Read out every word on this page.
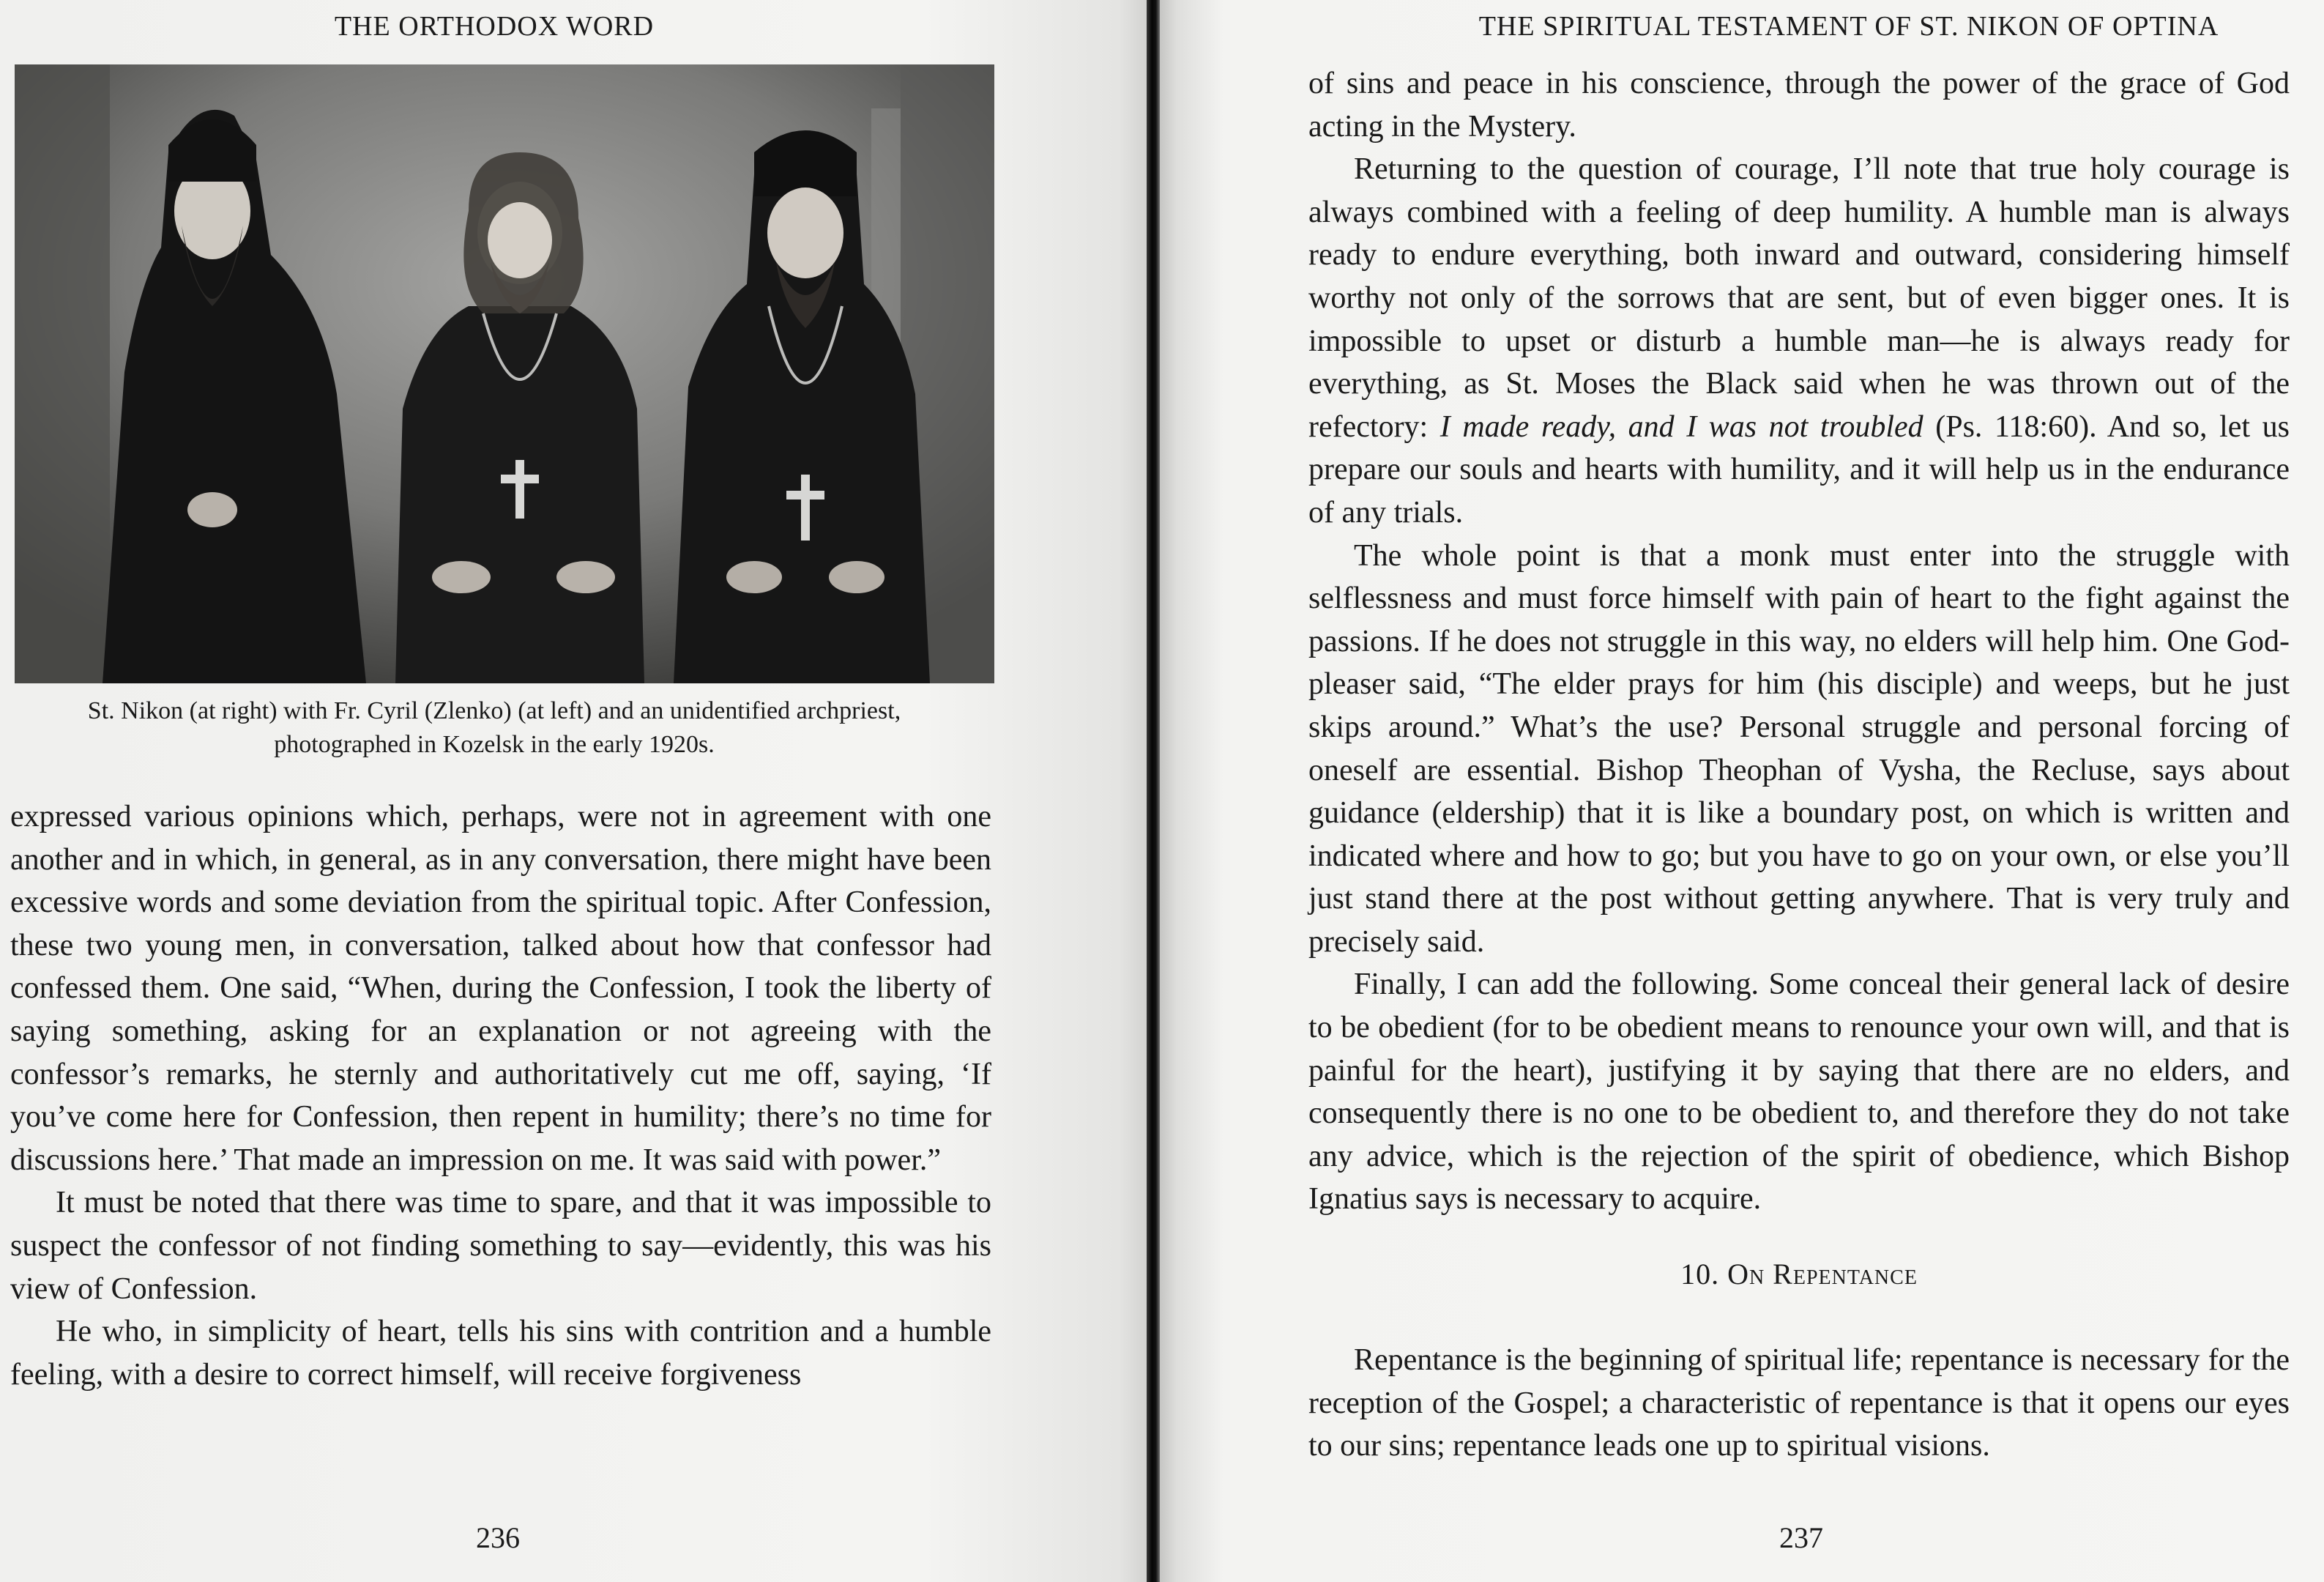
THE ORTHODOX WORD
St. Nikon (at right) with Fr. Cyril (Zlenko) (at left) and an unidentified archpriest,
photographed in Kozelsk in the early 1920s.

expressed various opinions which, perhaps, were not in agreement with one another and in which, in general, as in any conversation, there might have been excessive words and some deviation from the spiritual topic. After Confession, these two young men, in conversation, talked about how that confessor had confessed them. One said, “When, during the Confession, I took the liberty of saying something, asking for an explanation or not agreeing with the confessor’s remarks, he sternly and authoritatively cut me off, saying, ‘If you’ve come here for Confession, then repent in humility; there’s no time for discussions here.’ That made an impression on me. It was said with power.”

It must be noted that there was time to spare, and that it was impossible to suspect the confessor of not finding something to say—evidently, this was his view of Confession.

He who, in simplicity of heart, tells his sins with contrition and a humble feeling, with a desire to correct himself, will receive forgiveness

236
THE SPIRITUAL TESTAMENT OF ST. NIKON OF OPTINA

of sins and peace in his conscience, through the power of the grace of God acting in the Mystery.

Returning to the question of courage, I’ll note that true holy courage is always combined with a feeling of deep humility. A humble man is always ready to endure everything, both inward and outward, considering himself worthy not only of the sorrows that are sent, but of even bigger ones. It is impossible to upset or disturb a humble man—he is always ready for everything, as St. Moses the Black said when he was thrown out of the refectory: I made ready, and I was not troubled (Ps. 118:60). And so, let us prepare our souls and hearts with humility, and it will help us in the endurance of any trials.

The whole point is that a monk must enter into the struggle with selflessness and must force himself with pain of heart to the fight against the passions. If he does not struggle in this way, no elders will help him. One God-pleaser said, “The elder prays for him (his disciple) and weeps, but he just skips around.” What’s the use? Personal struggle and personal forcing of oneself are essential. Bishop Theophan of Vysha, the Recluse, says about guidance (eldership) that it is like a boundary post, on which is written and indicated where and how to go; but you have to go on your own, or else you’ll just stand there at the post without getting anywhere. That is very truly and precisely said.

Finally, I can add the following. Some conceal their general lack of desire to be obedient (for to be obedient means to renounce your own will, and that is painful for the heart), justifying it by saying that there are no elders, and consequently there is no one to be obedient to, and therefore they do not take any advice, which is the rejection of the spirit of obedience, which Bishop Ignatius says is necessary to acquire.

10. On Repentance

Repentance is the beginning of spiritual life; repentance is necessary for the reception of the Gospel; a characteristic of repentance is that it opens our eyes to our sins; repentance leads one up to spiritual visions.

237
